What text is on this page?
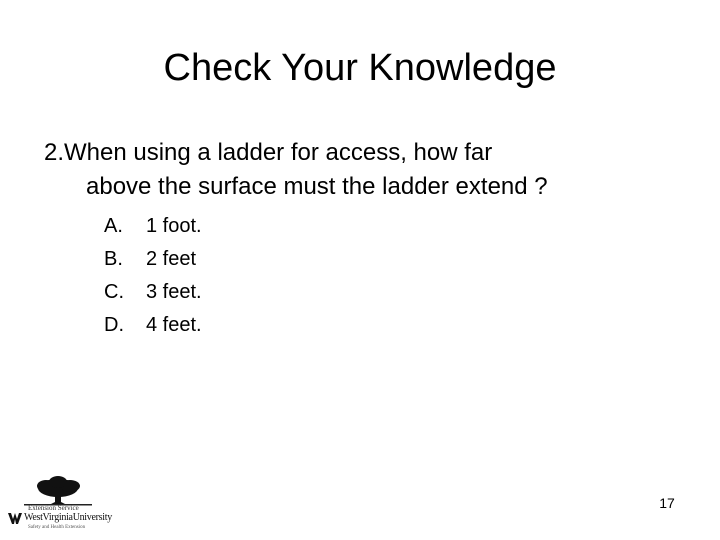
Check Your Knowledge

2.When using a ladder for access, how far
above the surface must the ladder extend ?

A.	1 foot.
B.	2 feet
C.	3 feet.
D.	4 feet.
Extension Service
WestVirginiaUniversity
Safety and Health Extension
17
